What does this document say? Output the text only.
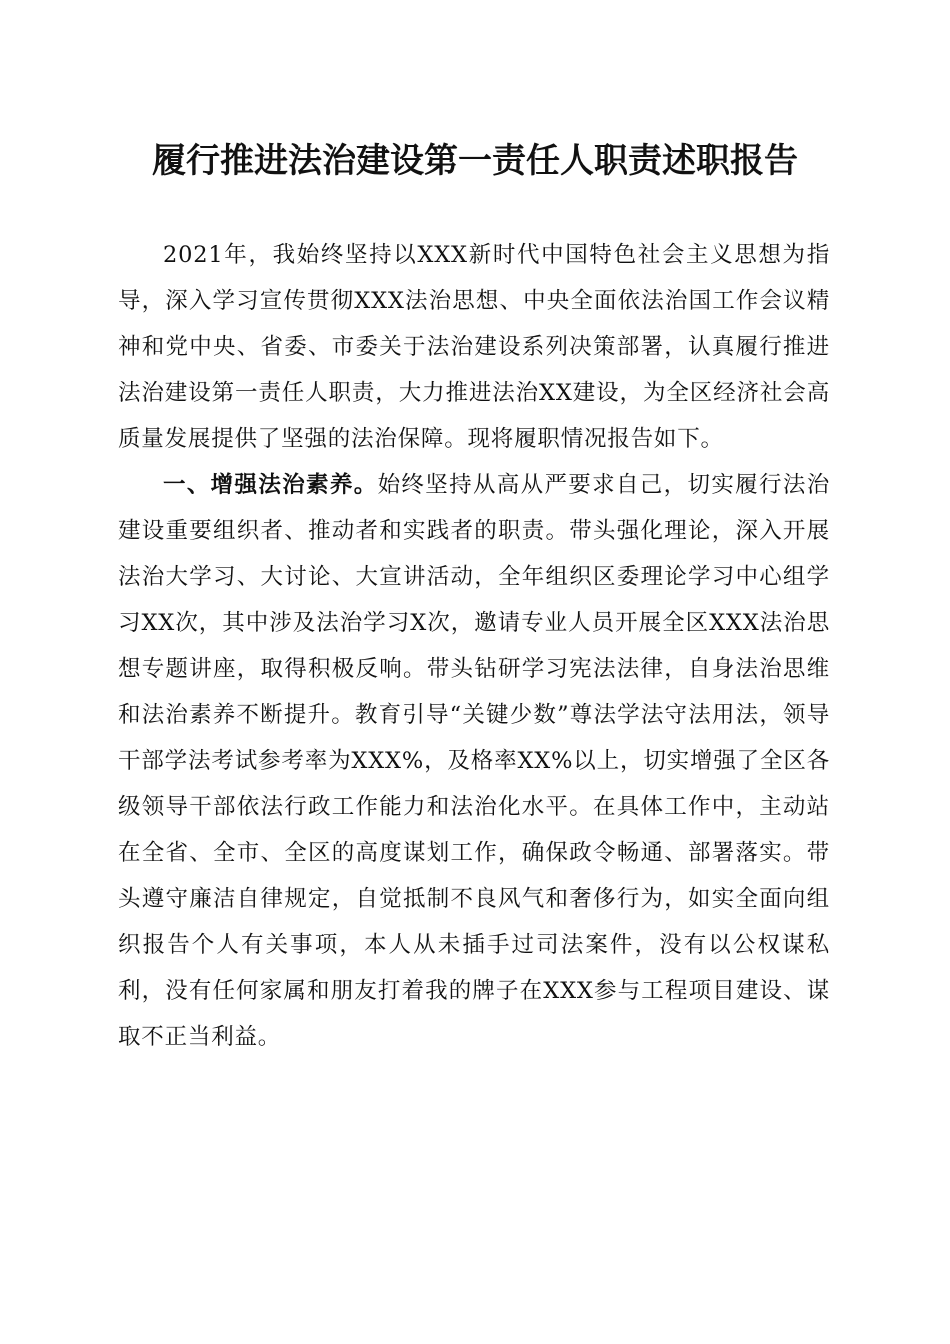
履行推进法治建设第一责任人职责述职报告

2021年，我始终坚持以XXX新时代中国特色社会主义思想为指导，深入学习宣传贯彻XXX法治思想、中央全面依法治国工作会议精神和党中央、省委、市委关于法治建设系列决策部署，认真履行推进法治建设第一责任人职责，大力推进法治XX建设，为全区经济社会高质量发展提供了坚强的法治保障。现将履职情况报告如下。

一、增强法治素养。始终坚持从高从严要求自己，切实履行法治建设重要组织者、推动者和实践者的职责。带头强化理论，深入开展法治大学习、大讨论、大宣讲活动，全年组织区委理论学习中心组学习XX次，其中涉及法治学习X次，邀请专业人员开展全区XXX法治思想专题讲座，取得积极反响。带头钻研学习宪法法律，自身法治思维和法治素养不断提升。教育引导“关键少数”尊法学法守法用法，领导干部学法考试参考率为XXX%，及格率XX%以上，切实增强了全区各级领导干部依法行政工作能力和法治化水平。在具体工作中，主动站在全省、全市、全区的高度谋划工作，确保政令畅通、部署落实。带头遵守廉洁自律规定，自觉抵制不良风气和奢侈行为，如实全面向组织报告个人有关事项，本人从未插手过司法案件，没有以公权谋私利，没有任何家属和朋友打着我的牌子在XXX参与工程项目建设、谋取不正当利益。
